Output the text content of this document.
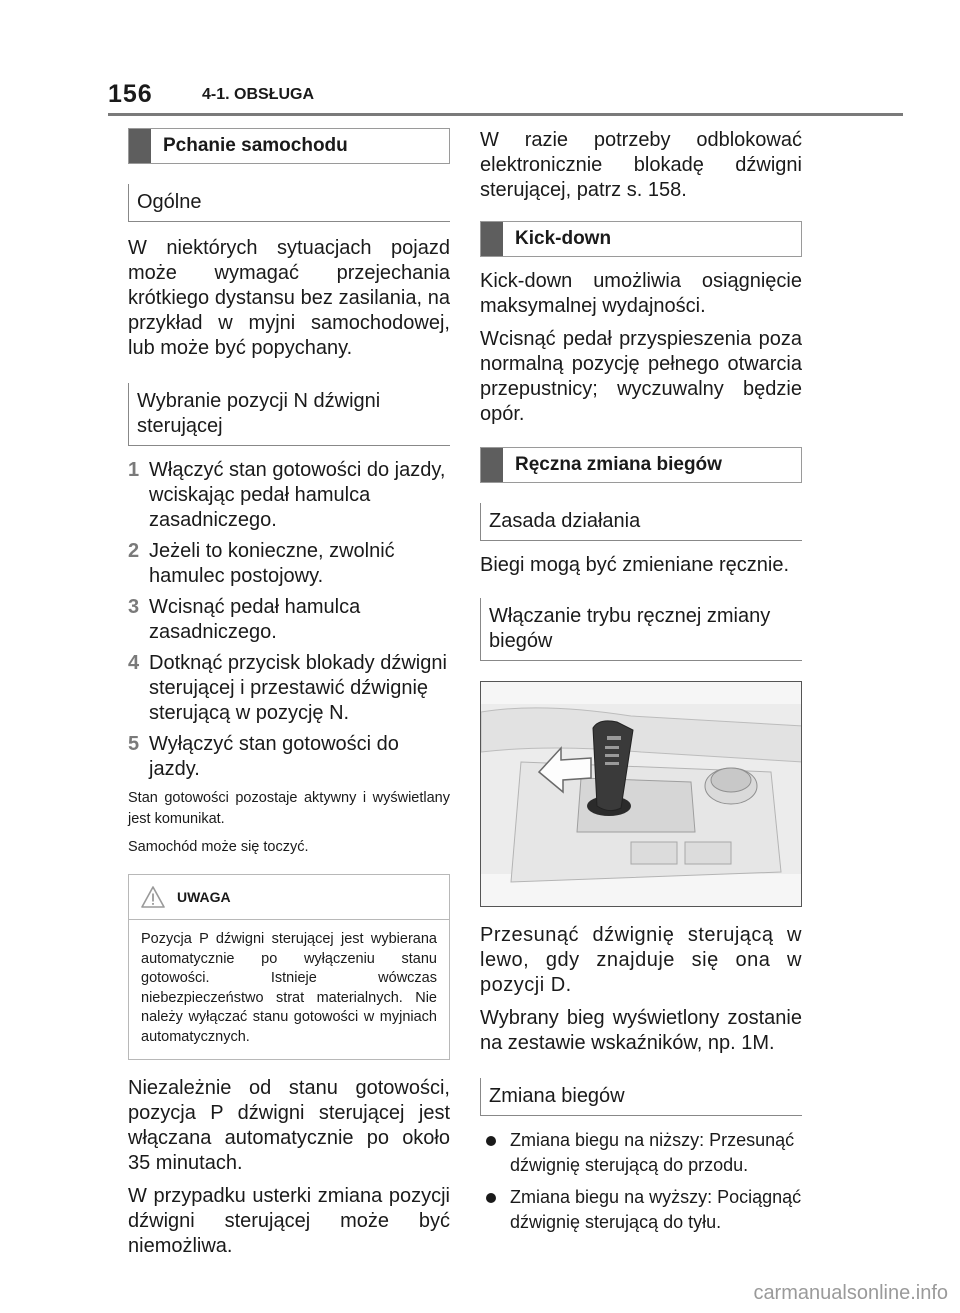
156	4-1. OBSŁUGA
Pchanie samochodu
Ogólne

W niektórych sytuacjach pojazd może wymagać przejechania krótkiego dystansu bez zasilania, na przykład w myjni samochodowej, lub może być popychany.

Wybranie pozycji N dźwigni sterującej
1 Włączyć stan gotowości do jazdy, wciskając pedał hamulca zasadniczego.
2 Jeżeli to konieczne, zwolnić hamulec postojowy.
3 Wcisnąć pedał hamulca zasadniczego.
4 Dotknąć przycisk blokady dźwigni sterującej i przestawić dźwignię sterującą w pozycję N.
5 Wyłączyć stan gotowości do jazdy.

Stan gotowości pozostaje aktywny i wyświetlany jest komunikat.

Samochód może się toczyć.

UWAGA
Pozycja P dźwigni sterującej jest wybierana automatycznie po wyłączeniu stanu gotowości. Istnieje wówczas niebezpieczeństwo strat materialnych. Nie należy wyłączać stanu gotowości w myjniach automatycznych.

Niezależnie od stanu gotowości, pozycja P dźwigni sterującej jest włączana automatycznie po około 35 minutach.

W przypadku usterki zmiana pozycji dźwigni sterującej może być niemożliwa.

W razie potrzeby odblokować elektronicznie blokadę dźwigni sterującej, patrz s. 158.

Kick-down

Kick-down umożliwia osiągnięcie maksymalnej wydajności.

Wcisnąć pedał przyspieszenia poza normalną pozycję pełnego otwarcia przepustnicy; wyczuwalny będzie opór.

Ręczna zmiana biegów
Zasada działania

Biegi mogą być zmieniane ręcznie.

Włączanie trybu ręcznej zmiany biegów

Przesunąć dźwignię sterującą w lewo, gdy znajduje się ona w pozycji D.

Wybrany bieg wyświetlony zostanie na zestawie wskaźników, np. 1M.

Zmiana biegów
Zmiana biegu na niższy: Przesunąć dźwignię sterującą do przodu.
Zmiana biegu na wyższy: Pociągnąć dźwignię sterującą do tyłu.
carmanualsonline.info
